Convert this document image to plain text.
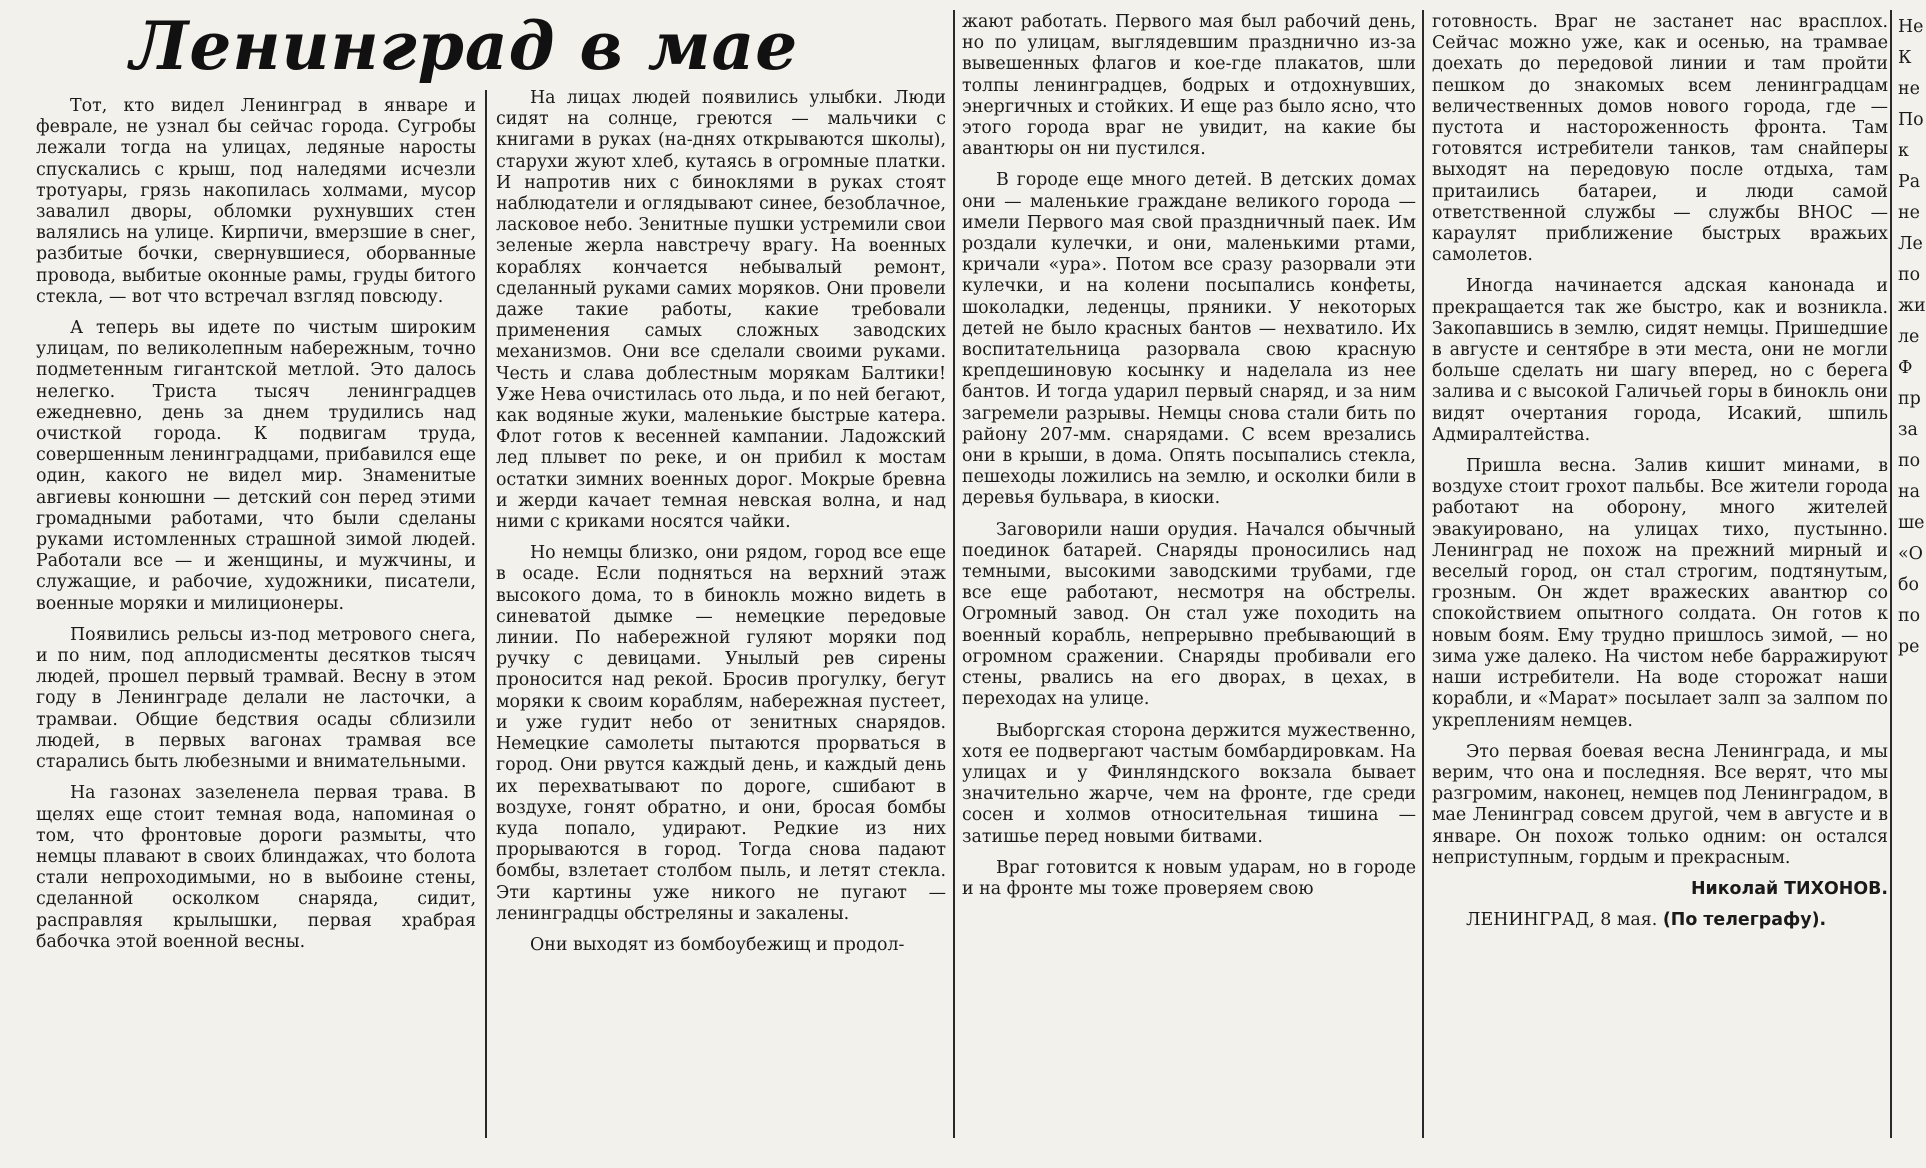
Ленинград в мае

Тот, кто видел Ленинград в январе и феврале, не узнал бы сейчас города. Сугробы лежали тогда на улицах, ледяные наросты спускались с крыш, под наледями исчезли тротуары, грязь накопилась холмами, мусор завалил дворы, обломки рухнувших стен валялись на улице. Кирпичи, вмерзшие в снег, разбитые бочки, свернувшиеся, оборванные провода, выбитые оконные рамы, груды битого стекла, — вот что встречал взгляд повсюду.

А теперь вы идете по чистым широким улицам, по великолепным набережным, точно подметенным гигантской метлой. Это далось нелегко. Триста тысяч ленинградцев ежедневно, день за днем трудились над очисткой города. К подвигам труда, совершенным ленинградцами, прибавился еще один, какого не видел мир. Знаменитые авгиевы конюшни — детский сон перед этими громадными работами, что были сделаны руками истомленных страшной зимой людей. Работали все — и женщины, и мужчины, и служащие, и рабочие, художники, писатели, военные моряки и милиционеры.

Появились рельсы из-под метрового снега, и по ним, под аплодисменты десятков тысяч людей, прошел первый трамвай. Весну в этом году в Ленинграде делали не ласточки, а трамваи. Общие бедствия осады сблизили людей, в первых вагонах трамвая все старались быть любезными и внимательными.

На газонах зазеленела первая трава. В щелях еще стоит темная вода, напоминая о том, что фронтовые дороги размыты, что немцы плавают в своих блиндажах, что болота стали непроходимыми, но в выбоине стены, сделанной осколком снаряда, сидит, расправляя крылышки, первая храбрая бабочка этой военной весны.

На лицах людей появились улыбки. Люди сидят на солнце, греются — мальчики с книгами в руках (на-днях открываются школы), старухи жуют хлеб, кутаясь в огромные платки. И напротив них с биноклями в руках стоят наблюдатели и оглядывают синее, безоблачное, ласковое небо. Зенитные пушки устремили свои зеленые жерла навстречу врагу. На военных кораблях кончается небывалый ремонт, сделанный руками самих моряков. Они провели даже такие работы, какие требовали применения самых сложных заводских механизмов. Они все сделали своими руками. Честь и слава доблестным морякам Балтики! Уже Нева очистилась ото льда, и по ней бегают, как водяные жуки, маленькие быстрые катера. Флот готов к весенней кампании. Ладожский лед плывет по реке, и он прибил к мостам остатки зимних военных дорог. Мокрые бревна и жерди качает темная невская волна, и над ними с криками носятся чайки.

Но немцы близко, они рядом, город все еще в осаде. Если подняться на верхний этаж высокого дома, то в бинокль можно видеть в синеватой дымке — немецкие передовые линии. По набережной гуляют моряки под ручку с девицами. Унылый рев сирены проносится над рекой. Бросив прогулку, бегут моряки к своим кораблям, набережная пустеет, и уже гудит небо от зенитных снарядов. Немецкие самолеты пытаются прорваться в город. Они рвутся каждый день, и каждый день их перехватывают по дороге, сшибают в воздухе, гонят обратно, и они, бросая бомбы куда попало, удирают. Редкие из них прорываются в город. Тогда снова падают бомбы, взлетает столбом пыль, и летят стекла. Эти картины уже никого не пугают — ленинградцы обстреляны и закалены.

Они выходят из бомбоубежищ и продол-

жают работать. Первого мая был рабочий день, но по улицам, выглядевшим празднично из-за вывешенных флагов и кое-где плакатов, шли толпы ленинградцев, бодрых и отдохнувших, энергичных и стойких. И еще раз было ясно, что этого города враг не увидит, на какие бы авантюры он ни пустился.

В городе еще много детей. В детских домах они — маленькие граждане великого города — имели Первого мая свой праздничный паек. Им роздали кулечки, и они, маленькими ртами, кричали «ура». Потом все сразу разорвали эти кулечки, и на колени посыпались конфеты, шоколадки, леденцы, пряники. У некоторых детей не было красных бантов — нехватило. Их воспитательница разорвала свою красную крепдешиновую косынку и наделала из нее бантов. И тогда ударил первый снаряд, и за ним загремели разрывы. Немцы снова стали бить по району 207-мм. снарядами. С всем врезались они в крыши, в дома. Опять посыпались стекла, пешеходы ложились на землю, и осколки били в деревья бульвара, в киоски.

Заговорили наши орудия. Начался обычный поединок батарей. Снаряды проносились над темными, высокими заводскими трубами, где все еще работают, несмотря на обстрелы. Огромный завод. Он стал уже походить на военный корабль, непрерывно пребывающий в огромном сражении. Снаряды пробивали его стены, рвались на его дворах, в цехах, в переходах на улице.

Выборгская сторона держится мужественно, хотя ее подвергают частым бомбардировкам. На улицах и у Финляндского вокзала бывает значительно жарче, чем на фронте, где среди сосен и холмов относительная тишина — затишье перед новыми битвами.

Враг готовится к новым ударам, но в городе и на фронте мы тоже проверяем свою

готовность. Враг не застанет нас врасплох. Сейчас можно уже, как и осенью, на трамвае доехать до передовой линии и там пройти пешком до знакомых всем ленинградцам величественных домов нового города, где — пустота и настороженность фронта. Там готовятся истребители танков, там снайперы выходят на передовую после отдыха, там притаились батареи, и люди самой ответственной службы — службы ВНОС — караулят приближение быстрых вражьих самолетов.

Иногда начинается адская канонада и прекращается так же быстро, как и возникла. Закопавшись в землю, сидят немцы. Пришедшие в августе и сентябре в эти места, они не могли больше сделать ни шагу вперед, но с берега залива и с высокой Галичьей горы в бинокль они видят очертания города, Исакий, шпиль Адмиралтейства.

Пришла весна. Залив кишит минами, в воздухе стоит грохот пальбы. Все жители города работают на оборону, много жителей эвакуировано, на улицах тихо, пустынно. Ленинград не похож на прежний мирный и веселый город, он стал строгим, подтянутым, грозным. Он ждет вражеских авантюр со спокойствием опытного солдата. Он готов к новым боям. Ему трудно пришлось зимой, — но зима уже далеко. На чистом небе барражируют наши истребители. На воде сторожат наши корабли, и «Марат» посылает залп за залпом по укреплениям немцев.

Это первая боевая весна Ленинграда, и мы верим, что она и последняя. Все верят, что мы разгромим, наконец, немцев под Ленинградом, в мае Ленинград совсем другой, чем в августе и в январе. Он похож только одним: он остался неприступным, гордым и прекрасным.

Николай ТИХОНОВ.

ЛЕНИНГРАД, 8 мая. (По телеграфу).

Не
К
не
По
к
Ра
не
Ле
по
жи
ле
Ф
пр
за
по
на
ше
«О
бо
по
ре
